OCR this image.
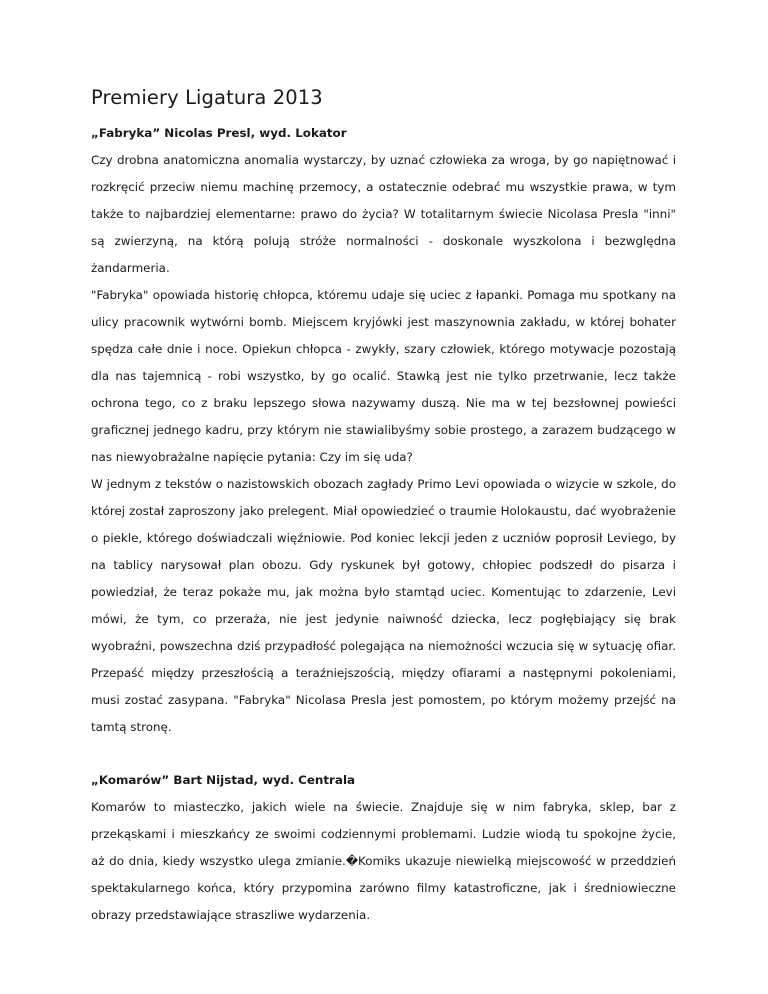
Premiery Ligatura 2013
„Fabryka” Nicolas Presl, wyd. Lokator

Czy drobna anatomiczna anomalia wystarczy, by uznać człowieka za wroga, by go napiętnować i rozkręcić przeciw niemu machinę przemocy, a ostatecznie odebrać mu wszystkie prawa, w tym także to najbardziej elementarne: prawo do życia? W totalitarnym świecie Nicolasa Presla "inni" są zwierzyną, na którą polują stróże normalności - doskonale wyszkolona i bezwględna żandarmeria.

"Fabryka" opowiada historię chłopca, któremu udaje się uciec z łapanki. Pomaga mu spotkany na ulicy pracownik wytwórni bomb. Miejscem kryjówki jest maszynownia zakładu, w której bohater spędza całe dnie i noce. Opiekun chłopca - zwykły, szary człowiek, którego motywacje pozostają dla nas tajemnicą - robi wszystko, by go ocalić. Stawką jest nie tylko przetrwanie, lecz także ochrona tego, co z braku lepszego słowa nazywamy duszą. Nie ma w tej bezsłownej powieści graficznej jednego kadru, przy którym nie stawialibyśmy sobie prostego, a zarazem budzącego w nas niewyobrażalne napięcie pytania: Czy im się uda?

W jednym z tekstów o nazistowskich obozach zagłady Primo Levi opowiada o wizycie w szkole, do której został zaproszony jako prelegent. Miał opowiedzieć o traumie Holokaustu, dać wyobrażenie o piekle, którego doświadczali więźniowie. Pod koniec lekcji jeden z uczniów poprosił Leviego, by na tablicy narysował plan obozu. Gdy ryskunek był gotowy, chłopiec podszedł do pisarza i powiedział, że teraz pokaże mu, jak można było stamtąd uciec. Komentując to zdarzenie, Levi mówi, że tym, co przeraża, nie jest jedynie naiwność dziecka, lecz pogłębiający się brak wyobraźni, powszechna dziś przypadłość polegająca na niemożności wczucia się w sytuację ofiar. Przepaść między przeszłością a teraźniejszością, między ofiarami a następnymi pokoleniami, musi zostać zasypana. "Fabryka" Nicolasa Presla jest pomostem, po którym możemy przejść na tamtą stronę.

„Komarów” Bart Nijstad, wyd. Centrala

Komarów to miasteczko, jakich wiele na świecie. Znajduje się w nim fabryka, sklep, bar z przekąskami i mieszkańcy ze swoimi codziennymi problemami. Ludzie wiodą tu spokojne życie, aż do dnia, kiedy wszystko ulega zmianie.�Komiks ukazuje niewielką miejscowość w przeddzień spektakularnego końca, który przypomina zarówno filmy katastroficzne, jak i średniowieczne obrazy przedstawiające straszliwe wydarzenia.
